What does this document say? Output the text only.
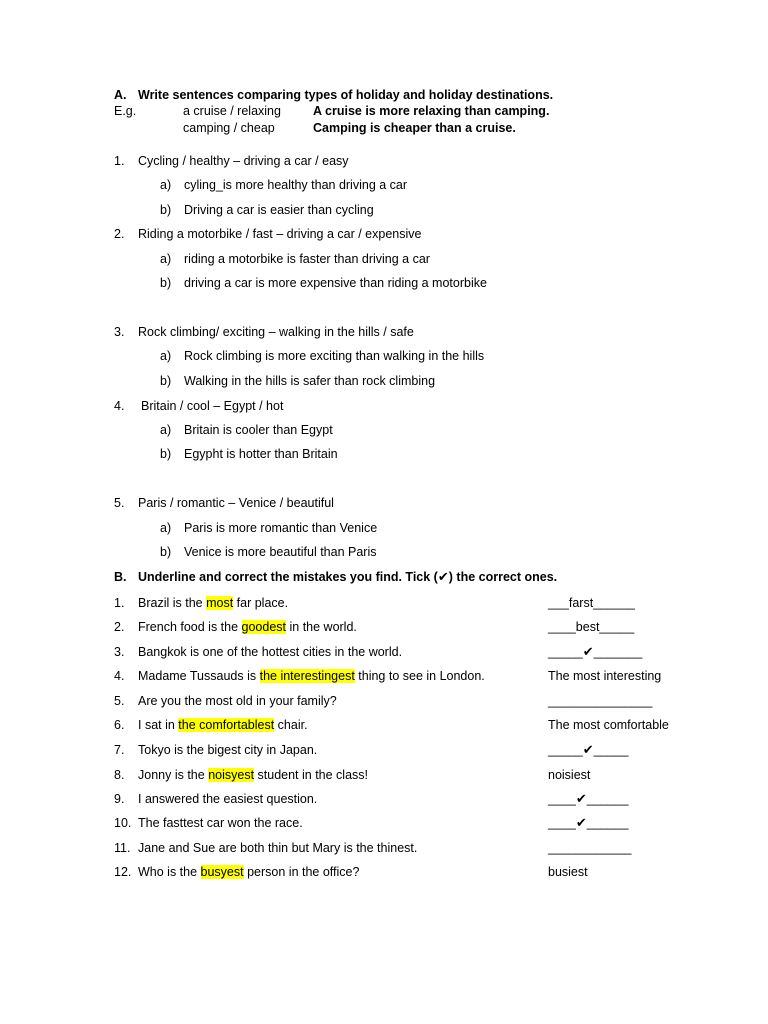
A. Write sentences comparing types of holiday and holiday destinations.
E.g.	a cruise / relaxing	A cruise is more relaxing than camping.
camping / cheap	Camping is cheaper than a cruise.
1. Cycling / healthy – driving a car / easy
a) cyling_is more healthy than driving a car
b) Driving a car is easier than cycling
2. Riding a motorbike / fast – driving a car / expensive
a) riding a motorbike is faster than driving a car
b) driving a car is more expensive than riding a motorbike
3. Rock climbing/ exciting – walking in the hills / safe
a) Rock climbing is more exciting than walking in the hills
b) Walking in the hills is safer than rock climbing
4. Britain / cool – Egypt / hot
a) Britain is cooler than Egypt
b) Egypht is hotter than Britain
5. Paris / romantic – Venice / beautiful
a) Paris is more romantic than Venice
b) Venice is more beautiful than Paris
B. Underline and correct the mistakes you find. Tick (✔) the correct ones.
1. Brazil is the most far place.	___farst______
2. French food is the goodest in the world.	____best_____
3. Bangkok is one of the hottest cities in the world.	_____✔_______
4. Madame Tussauds is the interestingest thing to see in London.	The most interesting
5. Are you the most old in your family?	_______________
6. I sat in the comfortablest chair.	The most comfortable
7. Tokyo is the bigest city in Japan.	_____✔_____
8. Jonny is the noisyest student in the class!	noisiest
9. I answered the easiest question.	____✔______
10. The fasttest car won the race.	____✔______
11. Jane and Sue are both thin but Mary is the thinest.	____________
12. Who is the busyest person in the office?	busiest
